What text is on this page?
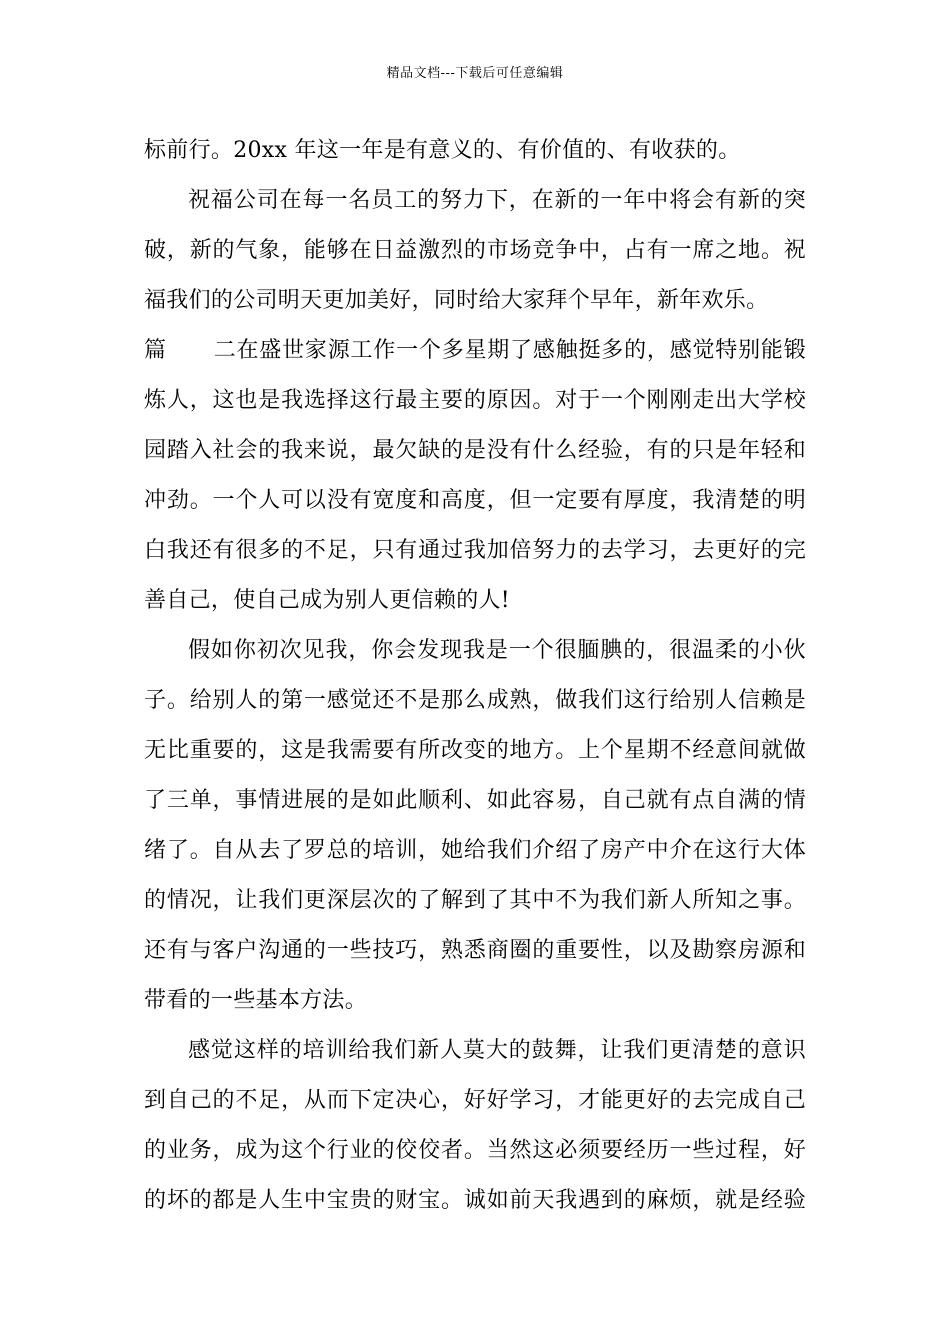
精品文档---下载后可任意编辑
标前行。20xx 年这一年是有意义的、有价值的、有收获的。
祝福公司在每一名员工的努力下，在新的一年中将会有新的突
破，新的气象，能够在日益激烈的市场竞争中，占有一席之地。祝
福我们的公司明天更加美好，同时给大家拜个早年，新年欢乐。
篇二在盛世家源工作一个多星期了感触挺多的，感觉特别能锻
炼人，这也是我选择这行最主要的原因。对于一个刚刚走出大学校
园踏入社会的我来说，最欠缺的是没有什么经验，有的只是年轻和
冲劲。一个人可以没有宽度和高度，但一定要有厚度，我清楚的明
白我还有很多的不足，只有通过我加倍努力的去学习，去更好的完
善自己，使自己成为别人更信赖的人!
假如你初次见我，你会发现我是一个很腼腆的，很温柔的小伙
子。给别人的第一感觉还不是那么成熟，做我们这行给别人信赖是
无比重要的，这是我需要有所改变的地方。上个星期不经意间就做
了三单，事情进展的是如此顺利、如此容易，自己就有点自满的情
绪了。自从去了罗总的培训，她给我们介绍了房产中介在这行大体
的情况，让我们更深层次的了解到了其中不为我们新人所知之事。
还有与客户沟通的一些技巧，熟悉商圈的重要性，以及勘察房源和
带看的一些基本方法。
感觉这样的培训给我们新人莫大的鼓舞，让我们更清楚的意识
到自己的不足，从而下定决心，好好学习，才能更好的去完成自己
的业务，成为这个行业的佼佼者。当然这必须要经历一些过程，好
的坏的都是人生中宝贵的财宝。诚如前天我遇到的麻烦，就是经验
